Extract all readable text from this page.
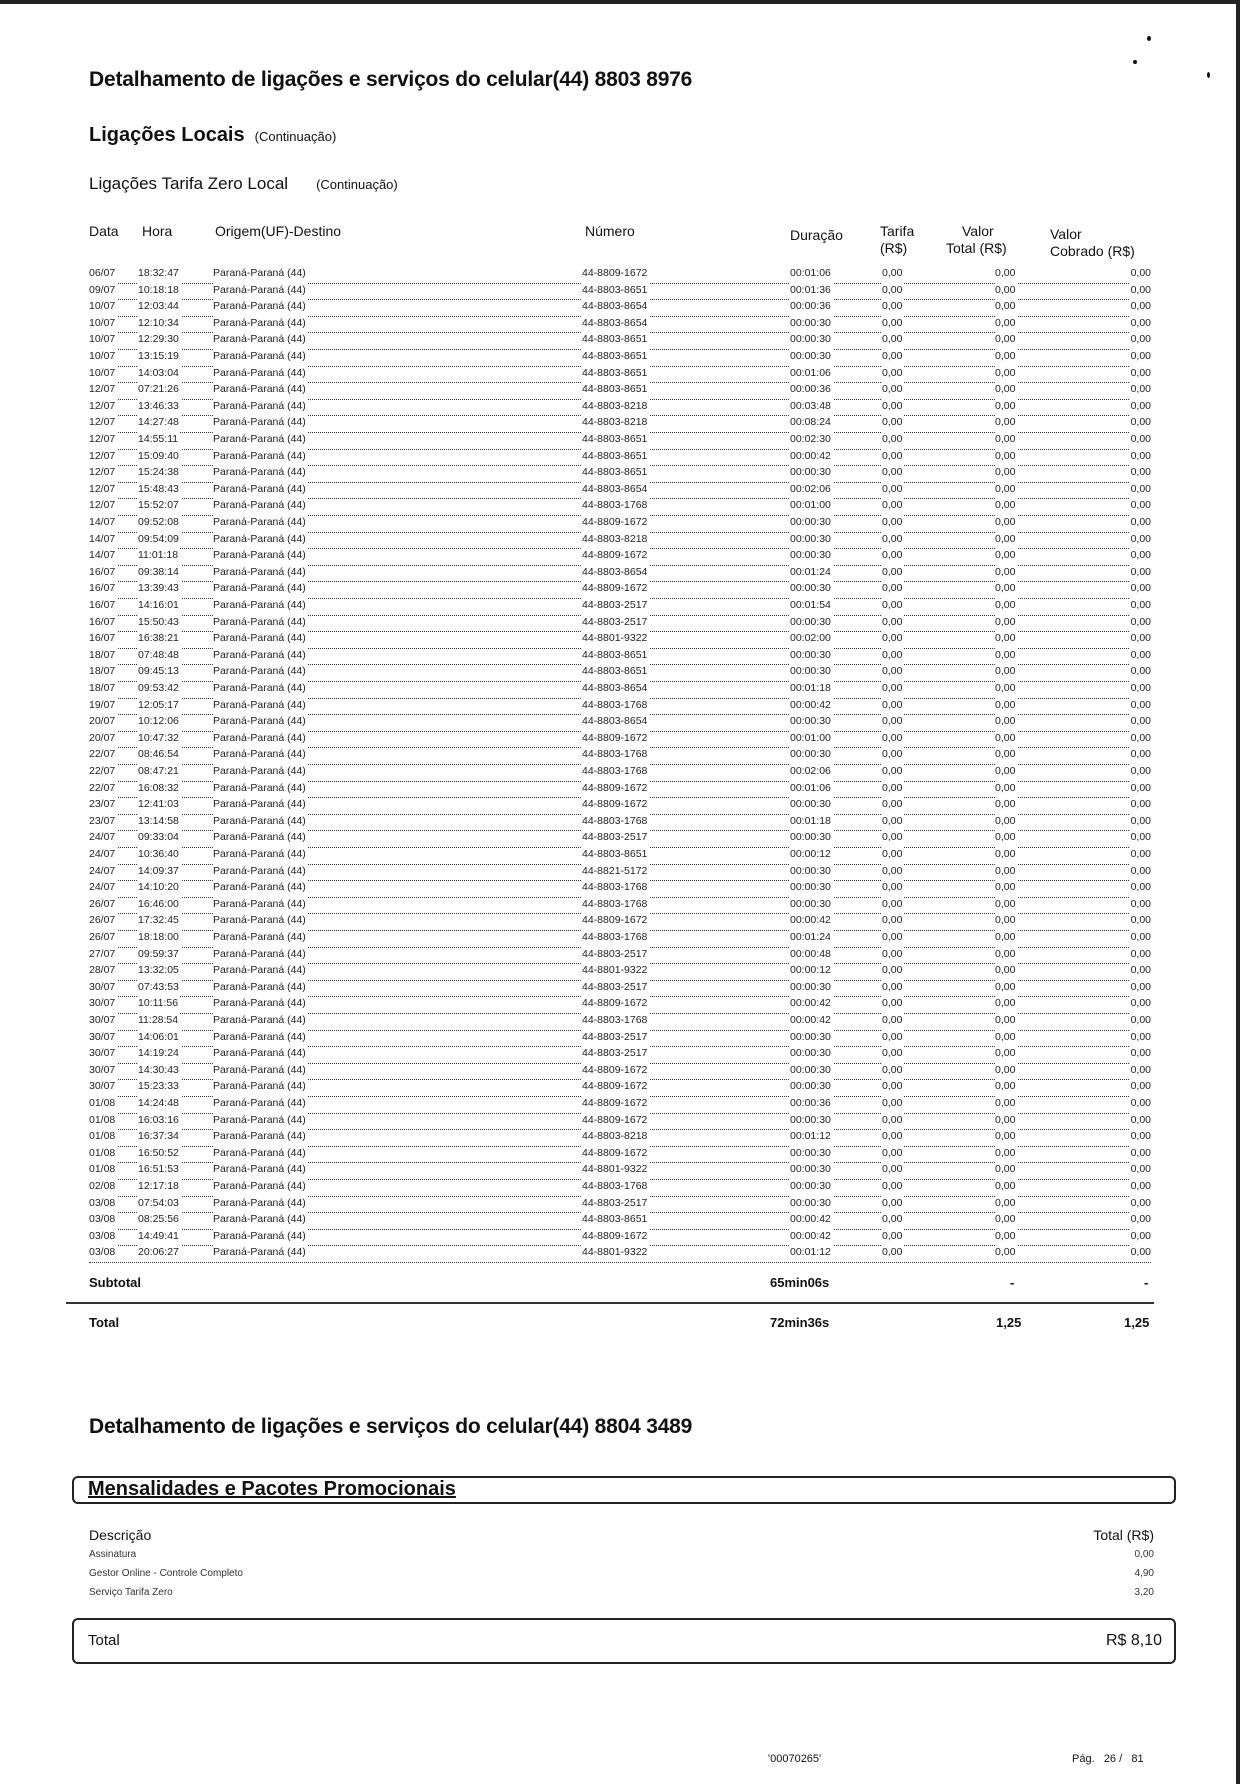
Detalhamento de ligações e serviços do celular(44) 8803 8976
Ligações Locais (Continuação)
Ligações Tarifa Zero Local (Continuação)
Data Hora	Origem(UF)-Destino	Número	Duração	Tarifa
(R$)
Valor
Total (R$)
Valor
Cobrado (R$)
06/07 18:32:47	Paraná-Paraná (44)	44-8809-1672	00:01:06	0,00	0,00	0,00
09/07 10:18:18	Paraná-Paraná (44)	44-8803-8651	00:01:36	0,00	0,00	0,00
10/07 12:03:44	Paraná-Paraná (44)	44-8803-8654	00:00:36	0,00	0,00	0,00
10/07 12:10:34	Paraná-Paraná (44)	44-8803-8654	00:00:30	0,00	0,00	0,00
10/07 12:29:30	Paraná-Paraná (44)	44-8803-8651	00:00:30	0,00	0,00	0,00
10/07 13:15:19	Paraná-Paraná (44)	44-8803-8651	00:00:30	0,00	0,00	0,00
10/07 14:03:04	Paraná-Paraná (44)	44-8803-8651	00:01:06	0,00	0,00	0,00
12/07 07:21:26	Paraná-Paraná (44)	44-8803-8651	00:00:36	0,00	0,00	0,00
12/07 13:46:33	Paraná-Paraná (44)	44-8803-8218	00:03:48	0,00	0,00	0,00
12/07 14:27:48	Paraná-Paraná (44)	44-8803-8218	00:08:24	0,00	0,00	0,00
12/07 14:55:11	Paraná-Paraná (44)	44-8803-8651	00:02:30	0,00	0,00	0,00
12/07 15:09:40	Paraná-Paraná (44)	44-8803-8651	00:00:42	0,00	0,00	0,00
12/07 15:24:38	Paraná-Paraná (44)	44-8803-8651	00:00:30	0,00	0,00	0,00
12/07 15:48:43	Paraná-Paraná (44)	44-8803-8654	00:02:06	0,00	0,00	0,00
12/07 15:52:07	Paraná-Paraná (44)	44-8803-1768	00:01:00	0,00	0,00	0,00
14/07 09:52:08	Paraná-Paraná (44)	44-8809-1672	00:00:30	0,00	0,00	0,00
14/07 09:54:09	Paraná-Paraná (44)	44-8803-8218	00:00:30	0,00	0,00	0,00
14/07 11:01:18	Paraná-Paraná (44)	44-8809-1672	00:00:30	0,00	0,00	0,00
16/07 09:38:14	Paraná-Paraná (44)	44-8803-8654	00:01:24	0,00	0,00	0,00
16/07 13:39:43	Paraná-Paraná (44)	44-8809-1672	00:00:30	0,00	0,00	0,00
16/07 14:16:01	Paraná-Paraná (44)	44-8803-2517	00:01:54	0,00	0,00	0,00
16/07 15:50:43	Paraná-Paraná (44)	44-8803-2517	00:00:30	0,00	0,00	0,00
16/07 16:38:21	Paraná-Paraná (44)	44-8801-9322	00:02:00	0,00	0,00	0,00
18/07 07:48:48	Paraná-Paraná (44)	44-8803-8651	00:00:30	0,00	0,00	0,00
18/07 09:45:13	Paraná-Paraná (44)	44-8803-8651	00:00:30	0,00	0,00	0,00
18/07 09:53:42	Paraná-Paraná (44)	44-8803-8654	00:01:18	0,00	0,00	0,00
19/07 12:05:17	Paraná-Paraná (44)	44-8803-1768	00:00:42	0,00	0,00	0,00
20/07 10:12:06	Paraná-Paraná (44)	44-8803-8654	00:00:30	0,00	0,00	0,00
20/07 10:47:32	Paraná-Paraná (44)	44-8809-1672	00:01:00	0,00	0,00	0,00
22/07 08:46:54	Paraná-Paraná (44)	44-8803-1768	00:00:30	0,00	0,00	0,00
22/07 08:47:21	Paraná-Paraná (44)	44-8803-1768	00:02:06	0,00	0,00	0,00
22/07 16:08:32	Paraná-Paraná (44)	44-8809-1672	00:01:06	0,00	0,00	0,00
23/07 12:41:03	Paraná-Paraná (44)	44-8809-1672	00:00:30	0,00	0,00	0,00
23/07 13:14:58	Paraná-Paraná (44)	44-8803-1768	00:01:18	0,00	0,00	0,00
24/07 09:33:04	Paraná-Paraná (44)	44-8803-2517	00:00:30	0,00	0,00	0,00
24/07 10:36:40	Paraná-Paraná (44)	44-8803-8651	00:00:12	0,00	0,00	0,00
24/07 14:09:37	Paraná-Paraná (44)	44-8821-5172	00:00:30	0,00	0,00	0,00
24/07 14:10:20	Paraná-Paraná (44)	44-8803-1768	00:00:30	0,00	0,00	0,00
26/07 16:46:00	Paraná-Paraná (44)	44-8803-1768	00:00:30	0,00	0,00	0,00
26/07 17:32:45	Paraná-Paraná (44)	44-8809-1672	00:00:42	0,00	0,00	0,00
26/07 18:18:00	Paraná-Paraná (44)	44-8803-1768	00:01:24	0,00	0,00	0,00
27/07 09:59:37	Paraná-Paraná (44)	44-8803-2517	00:00:48	0,00	0,00	0,00
28/07 13:32:05	Paraná-Paraná (44)	44-8801-9322	00:00:12	0,00	0,00	0,00
30/07 07:43:53	Paraná-Paraná (44)	44-8803-2517	00:00:30	0,00	0,00	0,00
30/07 10:11:56	Paraná-Paraná (44)	44-8809-1672	00:00:42	0,00	0,00	0,00
30/07 11:28:54	Paraná-Paraná (44)	44-8803-1768	00:00:42	0,00	0,00	0,00
30/07 14:06:01	Paraná-Paraná (44)	44-8803-2517	00:00:30	0,00	0,00	0,00
30/07 14:19:24	Paraná-Paraná (44)	44-8803-2517	00:00:30	0,00	0,00	0,00
30/07 14:30:43	Paraná-Paraná (44)	44-8809-1672	00:00:30	0,00	0,00	0,00
30/07 15:23:33	Paraná-Paraná (44)	44-8809-1672	00:00:30	0,00	0,00	0,00
01/08 14:24:48	Paraná-Paraná (44)	44-8809-1672	00:00:36	0,00	0,00	0,00
01/08 16:03:16	Paraná-Paraná (44)	44-8809-1672	00:00:30	0,00	0,00	0,00
01/08 16:37:34	Paraná-Paraná (44)	44-8803-8218	00:01:12	0,00	0,00	0,00
01/08 16:50:52	Paraná-Paraná (44)	44-8809-1672	00:00:30	0,00	0,00	0,00
01/08 16:51:53	Paraná-Paraná (44)	44-8801-9322	00:00:30	0,00	0,00	0,00
02/08 12:17:18	Paraná-Paraná (44)	44-8803-1768	00:00:30	0,00	0,00	0,00
03/08 07:54:03	Paraná-Paraná (44)	44-8803-2517	00:00:30	0,00	0,00	0,00
03/08 08:25:56	Paraná-Paraná (44)	44-8803-8651	00:00:42	0,00	0,00	0,00
03/08 14:49:41	Paraná-Paraná (44)	44-8809-1672	00:00:42	0,00	0,00	0,00
03/08 20:06:27	Paraná-Paraná (44)	44-8801-9322	00:01:12	0,00	0,00	0,00
Subtotal	65min06s	-	-
Total	72min36s	1,25	1,25
Detalhamento de ligações e serviços do celular(44) 8804 3489
Mensalidades e Pacotes Promocionais
Descrição	Total (R$)
Assinatura	0,00
Gestor Online - Controle Completo	4,90
Serviço Tarifa Zero	3,20
Total	R$ 8,10
'00070265'	Pág. 26 / 81
